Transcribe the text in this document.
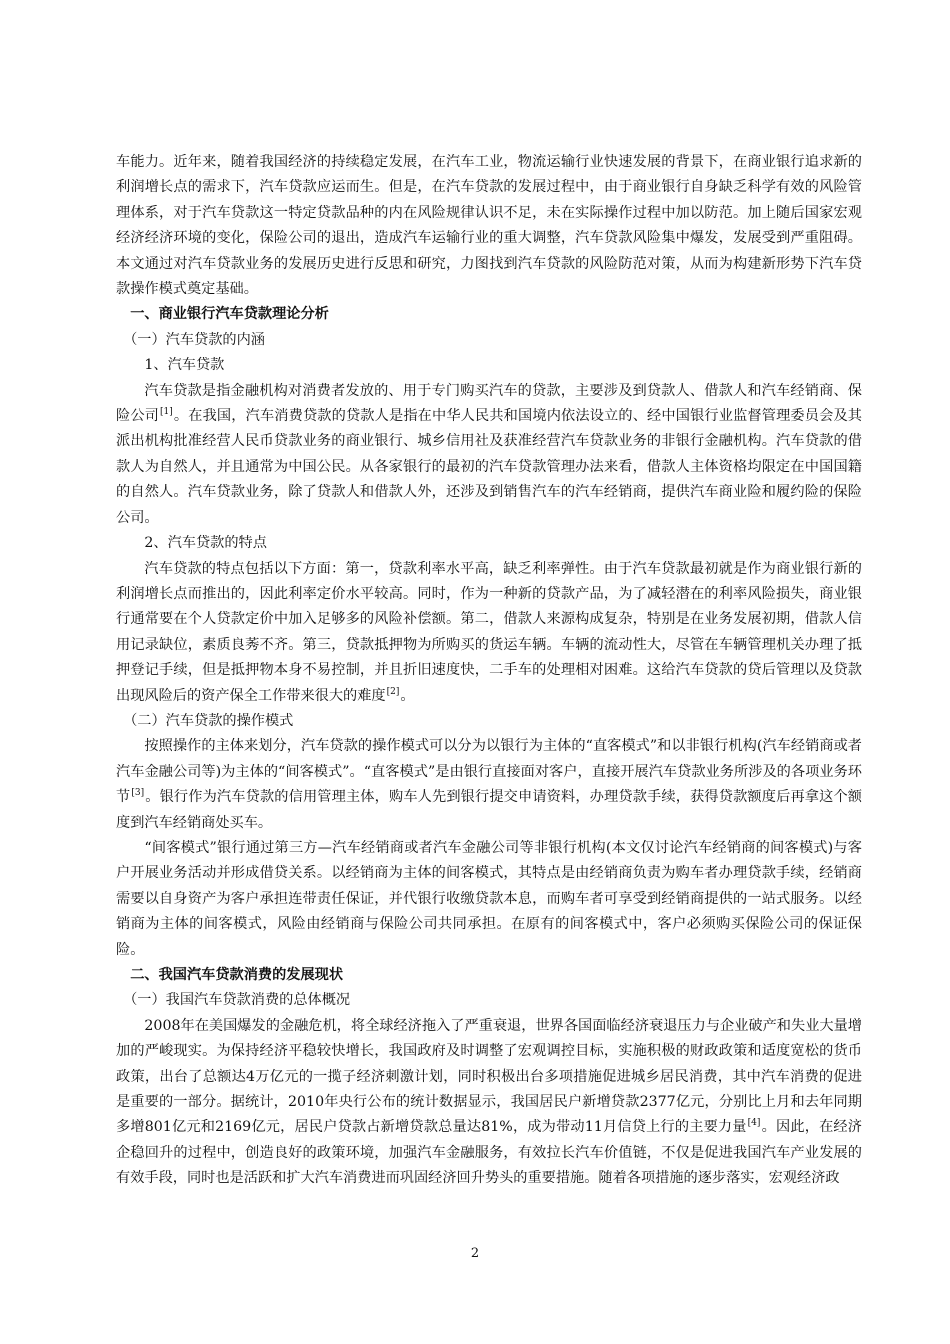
车能力。近年来，随着我国经济的持续稳定发展，在汽车工业，物流运输行业快速发展的背景下，在商业银行追求新的利润增长点的需求下，汽车贷款应运而生。但是，在汽车贷款的发展过程中，由于商业银行自身缺乏科学有效的风险管理体系，对于汽车贷款这一特定贷款品种的内在风险规律认识不足，未在实际操作过程中加以防范。加上随后国家宏观经济经济环境的变化，保险公司的退出，造成汽车运输行业的重大调整，汽车贷款风险集中爆发，发展受到严重阻碍。本文通过对汽车贷款业务的发展历史进行反思和研究，力图找到汽车贷款的风险防范对策，从而为构建新形势下汽车贷款操作模式奠定基础。

一、商业银行汽车贷款理论分析

（一）汽车贷款的内涵

1、汽车贷款

汽车贷款是指金融机构对消费者发放的、用于专门购买汽车的贷款，主要涉及到贷款人、借款人和汽车经销商、保险公司[1]。在我国，汽车消费贷款的贷款人是指在中华人民共和国境内依法设立的、经中国银行业监督管理委员会及其派出机构批准经营人民币贷款业务的商业银行、城乡信用社及获准经营汽车贷款业务的非银行金融机构。汽车贷款的借款人为自然人，并且通常为中国公民。从各家银行的最初的汽车贷款管理办法来看，借款人主体资格均限定在中国国籍的自然人。汽车贷款业务，除了贷款人和借款人外，还涉及到销售汽车的汽车经销商，提供汽车商业险和履约险的保险公司。

2、汽车贷款的特点

汽车贷款的特点包括以下方面：第一，贷款利率水平高，缺乏利率弹性。由于汽车贷款最初就是作为商业银行新的利润增长点而推出的，因此利率定价水平较高。同时，作为一种新的贷款产品，为了减轻潜在的利率风险损失，商业银行通常要在个人贷款定价中加入足够多的风险补偿额。第二，借款人来源构成复杂，特别是在业务发展初期，借款人信用记录缺位，素质良莠不齐。第三，贷款抵押物为所购买的货运车辆。车辆的流动性大，尽管在车辆管理机关办理了抵押登记手续，但是抵押物本身不易控制，并且折旧速度快，二手车的处理相对困难。这给汽车贷款的贷后管理以及贷款出现风险后的资产保全工作带来很大的难度[2]。

（二）汽车贷款的操作模式

按照操作的主体来划分，汽车贷款的操作模式可以分为以银行为主体的“直客模式”和以非银行机构(汽车经销商或者汽车金融公司等)为主体的“间客模式”。“直客模式”是由银行直接面对客户，直接开展汽车贷款业务所涉及的各项业务环节[3]。银行作为汽车贷款的信用管理主体，购车人先到银行提交申请资料，办理贷款手续，获得贷款额度后再拿这个额度到汽车经销商处买车。

“间客模式”银行通过第三方—汽车经销商或者汽车金融公司等非银行机构(本文仅讨论汽车经销商的间客模式)与客户开展业务活动并形成借贷关系。以经销商为主体的间客模式，其特点是由经销商负责为购车者办理贷款手续，经销商需要以自身资产为客户承担连带责任保证，并代银行收缴贷款本息，而购车者可享受到经销商提供的一站式服务。以经销商为主体的间客模式，风险由经销商与保险公司共同承担。在原有的间客模式中，客户必须购买保险公司的保证保险。

二、我国汽车贷款消费的发展现状

（一）我国汽车贷款消费的总体概况

2008年在美国爆发的金融危机，将全球经济拖入了严重衰退，世界各国面临经济衰退压力与企业破产和失业大量增加的严峻现实。为保持经济平稳较快增长，我国政府及时调整了宏观调控目标，实施积极的财政政策和适度宽松的货币政策，出台了总额达4万亿元的一揽子经济刺激计划，同时积极出台多项措施促进城乡居民消费，其中汽车消费的促进是重要的一部分。据统计，2010年央行公布的统计数据显示，我国居民户新增贷款2377亿元，分别比上月和去年同期多增801亿元和2169亿元，居民户贷款占新增贷款总量达81%，成为带动11月信贷上行的主要力量[4]。因此，在经济企稳回升的过程中，创造良好的政策环境，加强汽车金融服务，有效拉长汽车价值链，不仅是促进我国汽车产业发展的有效手段，同时也是活跃和扩大汽车消费进而巩固经济回升势头的重要措施。随着各项措施的逐步落实，宏观经济政

2
